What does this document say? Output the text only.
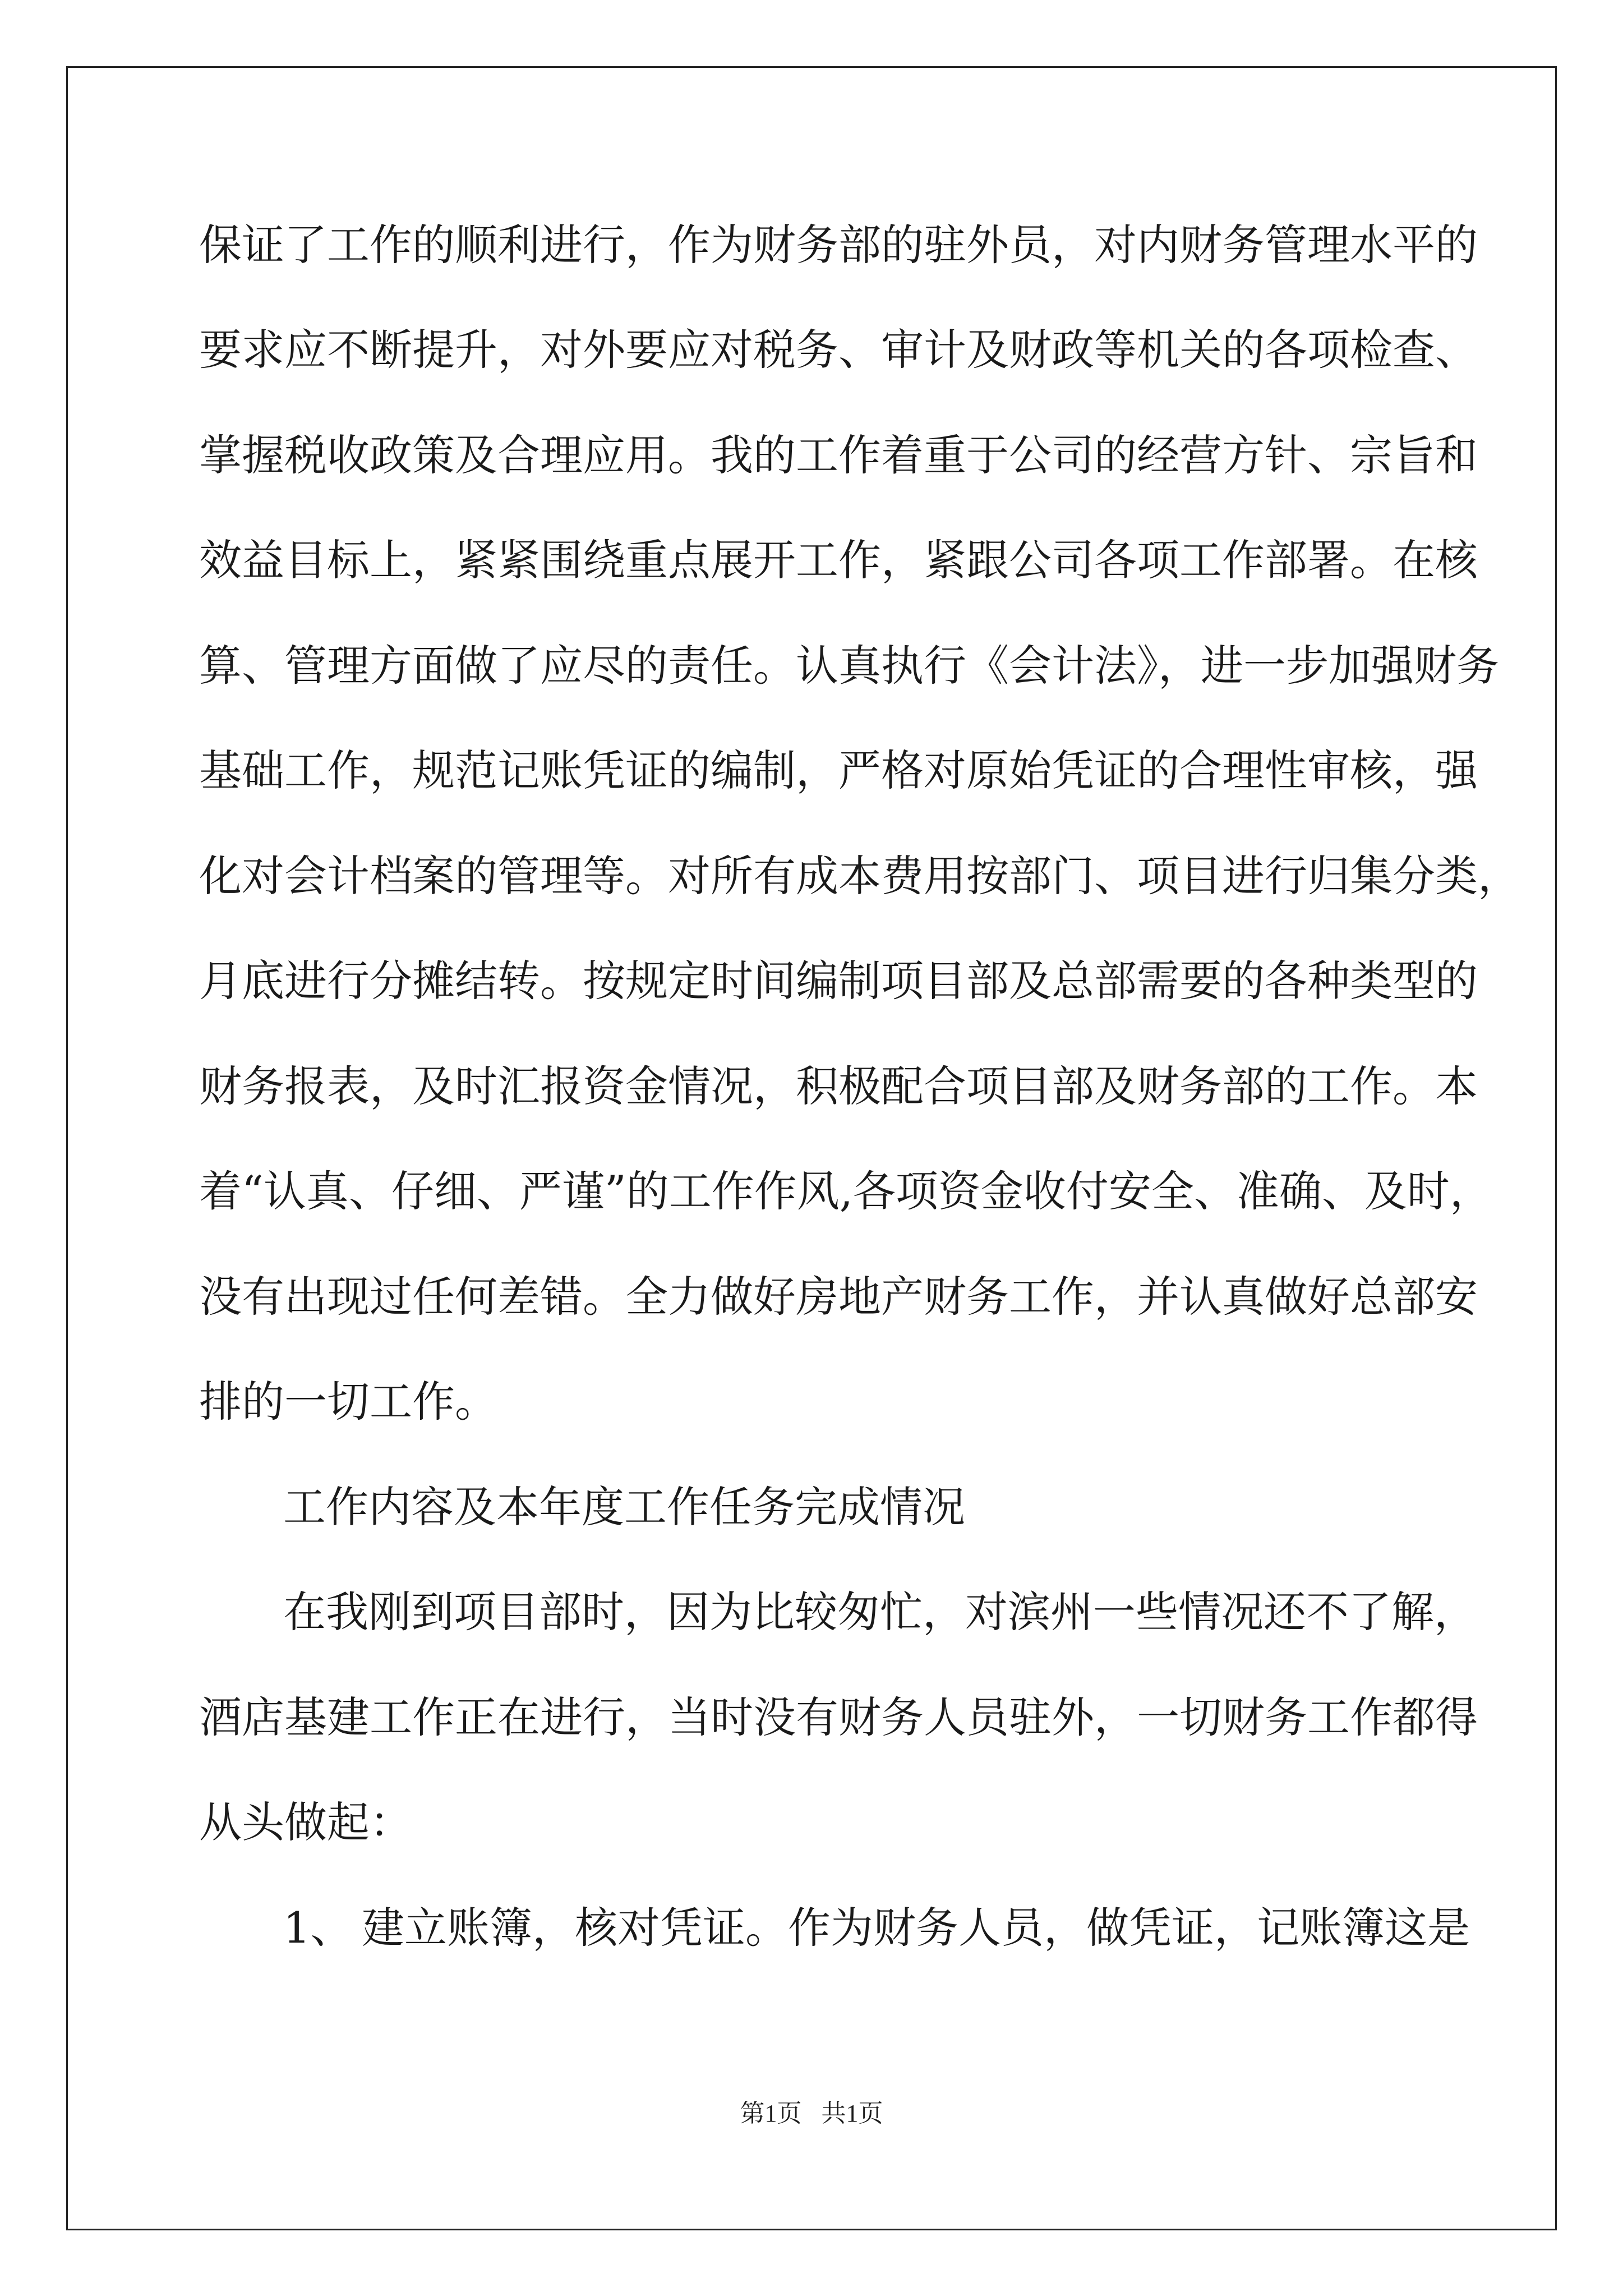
保证了工作的顺利进行，作为财务部的驻外员，对内财务管理水平的
要求应不断提升，对外要应对税务、审计及财政等机关的各项检查、
掌握税收政策及合理应用。我的工作着重于公司的经营方针、宗旨和
效益目标上，紧紧围绕重点展开工作，紧跟公司各项工作部署。在核
算、管理方面做了应尽的责任。认真执行《会计法》，进一步加强财务
基础工作，规范记账凭证的编制，严格对原始凭证的合理性审核，强
化对会计档案的管理等。对所有成本费用按部门、项目进行归集分类，
月底进行分摊结转。按规定时间编制项目部及总部需要的各种类型的
财务报表，及时汇报资金情况，积极配合项目部及财务部的工作。本
着“认真、仔细、严谨”的工作作风,各项资金收付安全、准确、及时，
没有出现过任何差错。全力做好房地产财务工作，并认真做好总部安
排的一切工作。
工作内容及本年度工作任务完成情况
在我刚到项目部时，因为比较匆忙，对滨州一些情况还不了解，
酒店基建工作正在进行，当时没有财务人员驻外，一切财务工作都得
从头做起：
1、 建立账簿，核对凭证。作为财务人员，做凭证，记账簿这是
第1页 共1页
